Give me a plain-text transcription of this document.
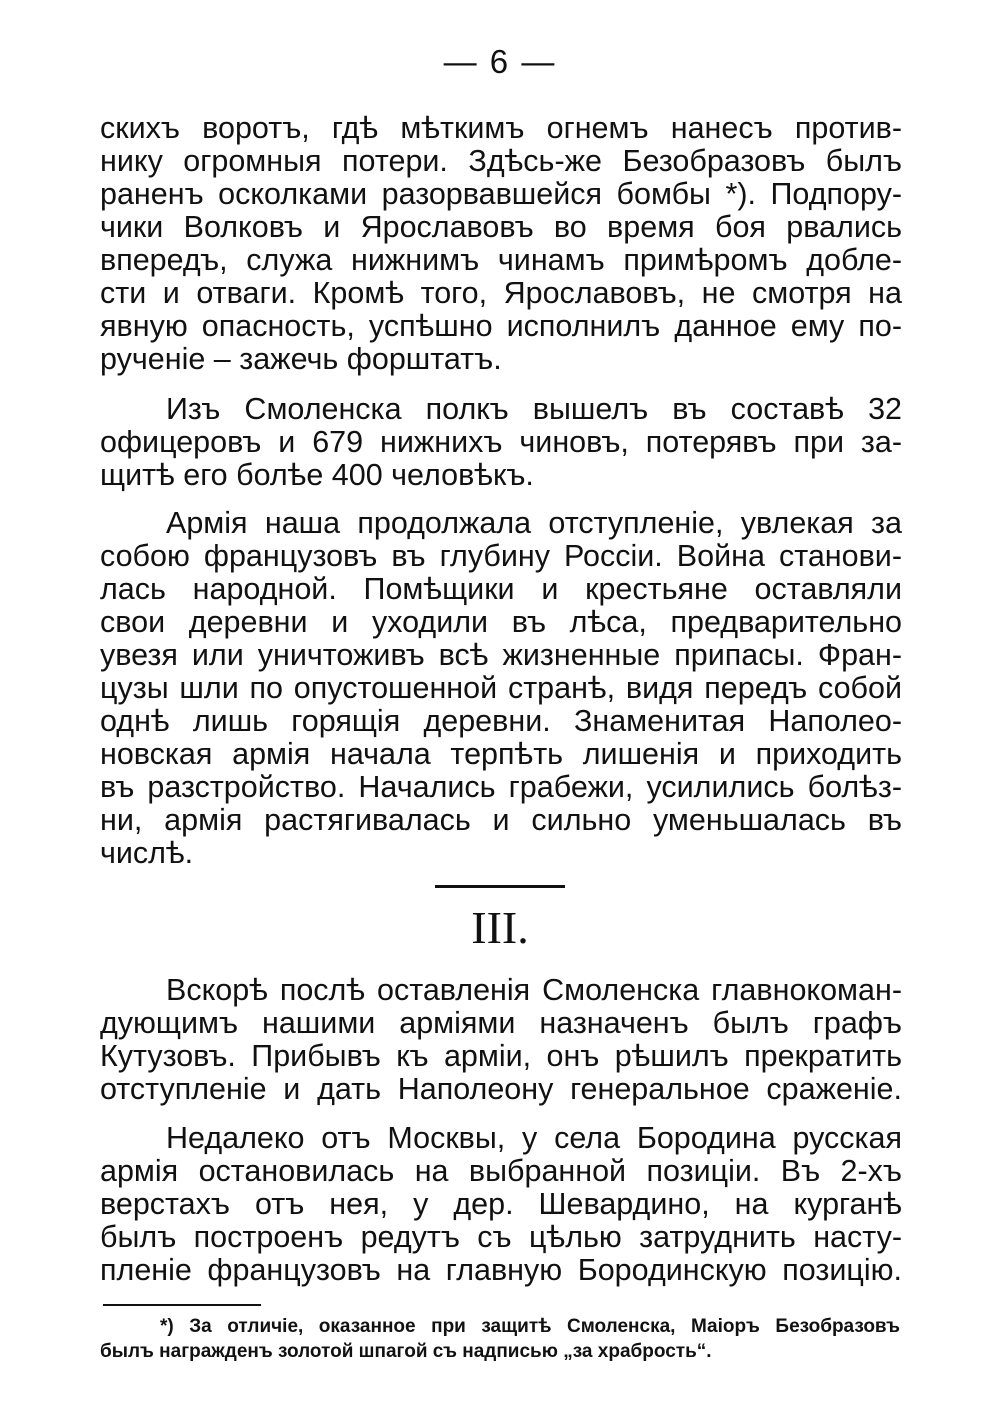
— 6 —
скихъ воротъ, гдѣ мѣткимъ огнемъ нанесъ против-
нику огромныя потери. Здѣсь-же Безобразовъ былъ
раненъ осколками разорвавшейся бомбы *). Подпору-
чики Волковъ и Ярославовъ во время боя рвались
впередъ, служа нижнимъ чинамъ примѣромъ добле-
сти и отваги. Кромѣ того, Ярославовъ, не смотря на
явную опасность, успѣшно исполнилъ данное ему по-
рученіе – зажечь форштатъ.
Изъ Смоленска полкъ вышелъ въ составѣ 32
офицеровъ и 679 нижнихъ чиновъ, потерявъ при за-
щитѣ его болѣе 400 человѣкъ.
Армія наша продолжала отступленіе, увлекая за
собою французовъ въ глубину Россіи. Война станови-
лась народной. Помѣщики и крестьяне оставляли
свои деревни и уходили въ лѣса, предварительно
увезя или уничтоживъ всѣ жизненные припасы. Фран-
цузы шли по опустошенной странѣ, видя передъ собой
однѣ лишь горящія деревни. Знаменитая Наполео-
новская армія начала терпѣть лишенія и приходить
въ разстройство. Начались грабежи, усилились болѣз-
ни, армія растягивалась и сильно уменьшалась въ
числѣ.
III.
Вскорѣ послѣ оставленія Смоленска главнокоман-
дующимъ нашими арміями назначенъ былъ графъ
Кутузовъ. Прибывъ къ арміи, онъ рѣшилъ прекратить
отступленіе и дать Наполеону генеральное сраженіе.
Недалеко отъ Москвы, у села Бородина русская
армія остановилась на выбранной позиціи. Въ 2-хъ
верстахъ отъ нея, у дер. Шевардино, на курганѣ
былъ построенъ редутъ съ цѣлью затруднить насту-
пленіе французовъ на главную Бородинскую позицію.
*) За отличіе, оказанное при защитѣ Смоленска, Маіоръ Безобразовъ
былъ награжденъ золотой шпагой съ надписью „за храбрость“.
